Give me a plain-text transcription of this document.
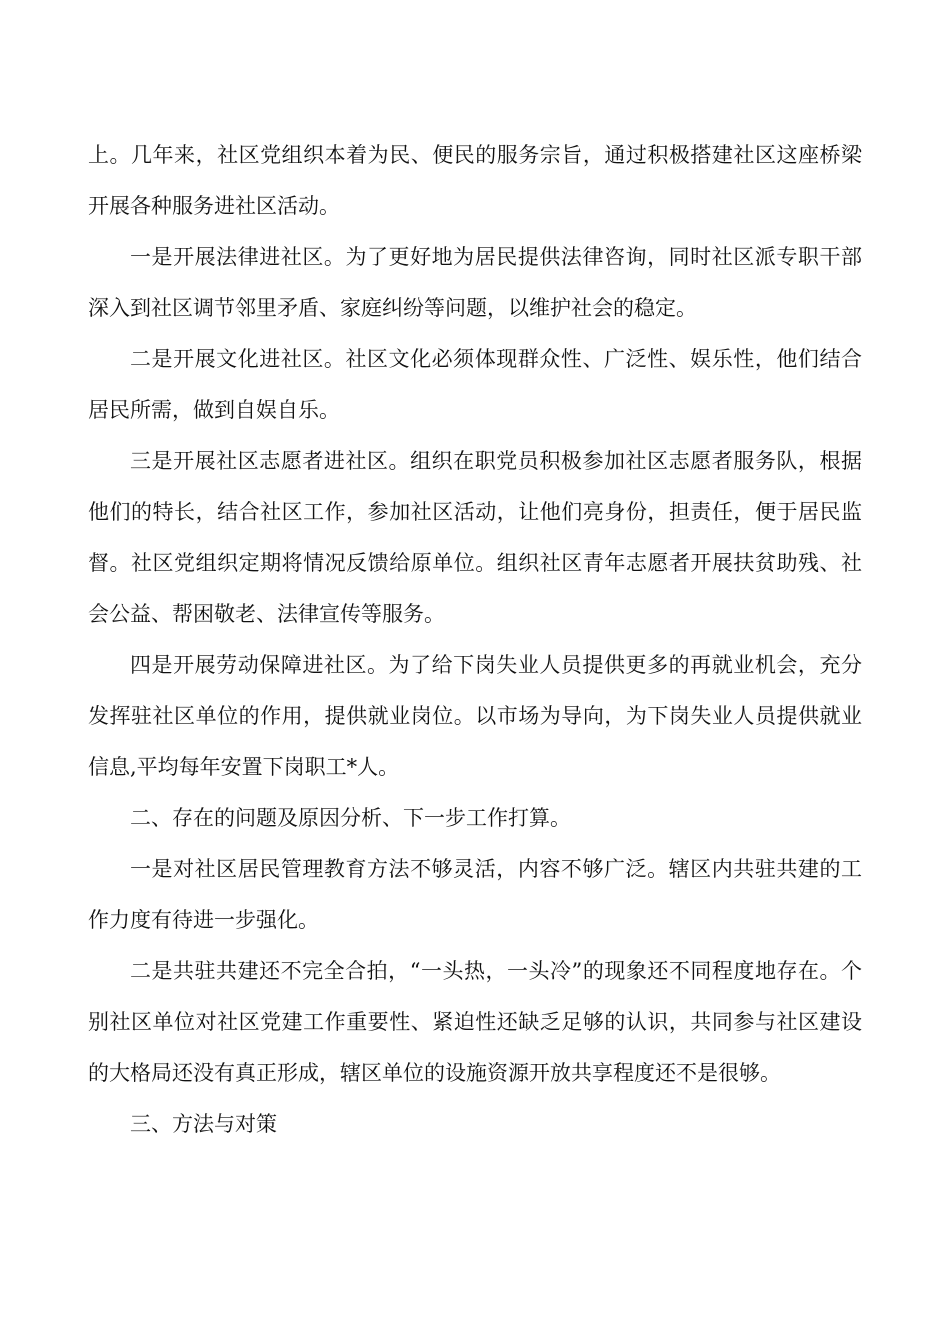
上。几年来，社区党组织本着为民、便民的服务宗旨，通过积极搭建社区这座桥梁开展各种服务进社区活动。

一是开展法律进社区。为了更好地为居民提供法律咨询，同时社区派专职干部深入到社区调节邻里矛盾、家庭纠纷等问题，以维护社会的稳定。

二是开展文化进社区。社区文化必须体现群众性、广泛性、娱乐性，他们结合居民所需，做到自娱自乐。

三是开展社区志愿者进社区。组织在职党员积极参加社区志愿者服务队，根据他们的特长，结合社区工作，参加社区活动，让他们亮身份，担责任，便于居民监督。社区党组织定期将情况反馈给原单位。组织社区青年志愿者开展扶贫助残、社会公益、帮困敬老、法律宣传等服务。

四是开展劳动保障进社区。为了给下岗失业人员提供更多的再就业机会，充分发挥驻社区单位的作用，提供就业岗位。以市场为导向，为下岗失业人员提供就业信息,平均每年安置下岗职工*人。

二、存在的问题及原因分析、下一步工作打算。

一是对社区居民管理教育方法不够灵活，内容不够广泛。辖区内共驻共建的工作力度有待进一步强化。

二是共驻共建还不完全合拍，“一头热，一头冷”的现象还不同程度地存在。个别社区单位对社区党建工作重要性、紧迫性还缺乏足够的认识，共同参与社区建设的大格局还没有真正形成，辖区单位的设施资源开放共享程度还不是很够。

三、方法与对策
